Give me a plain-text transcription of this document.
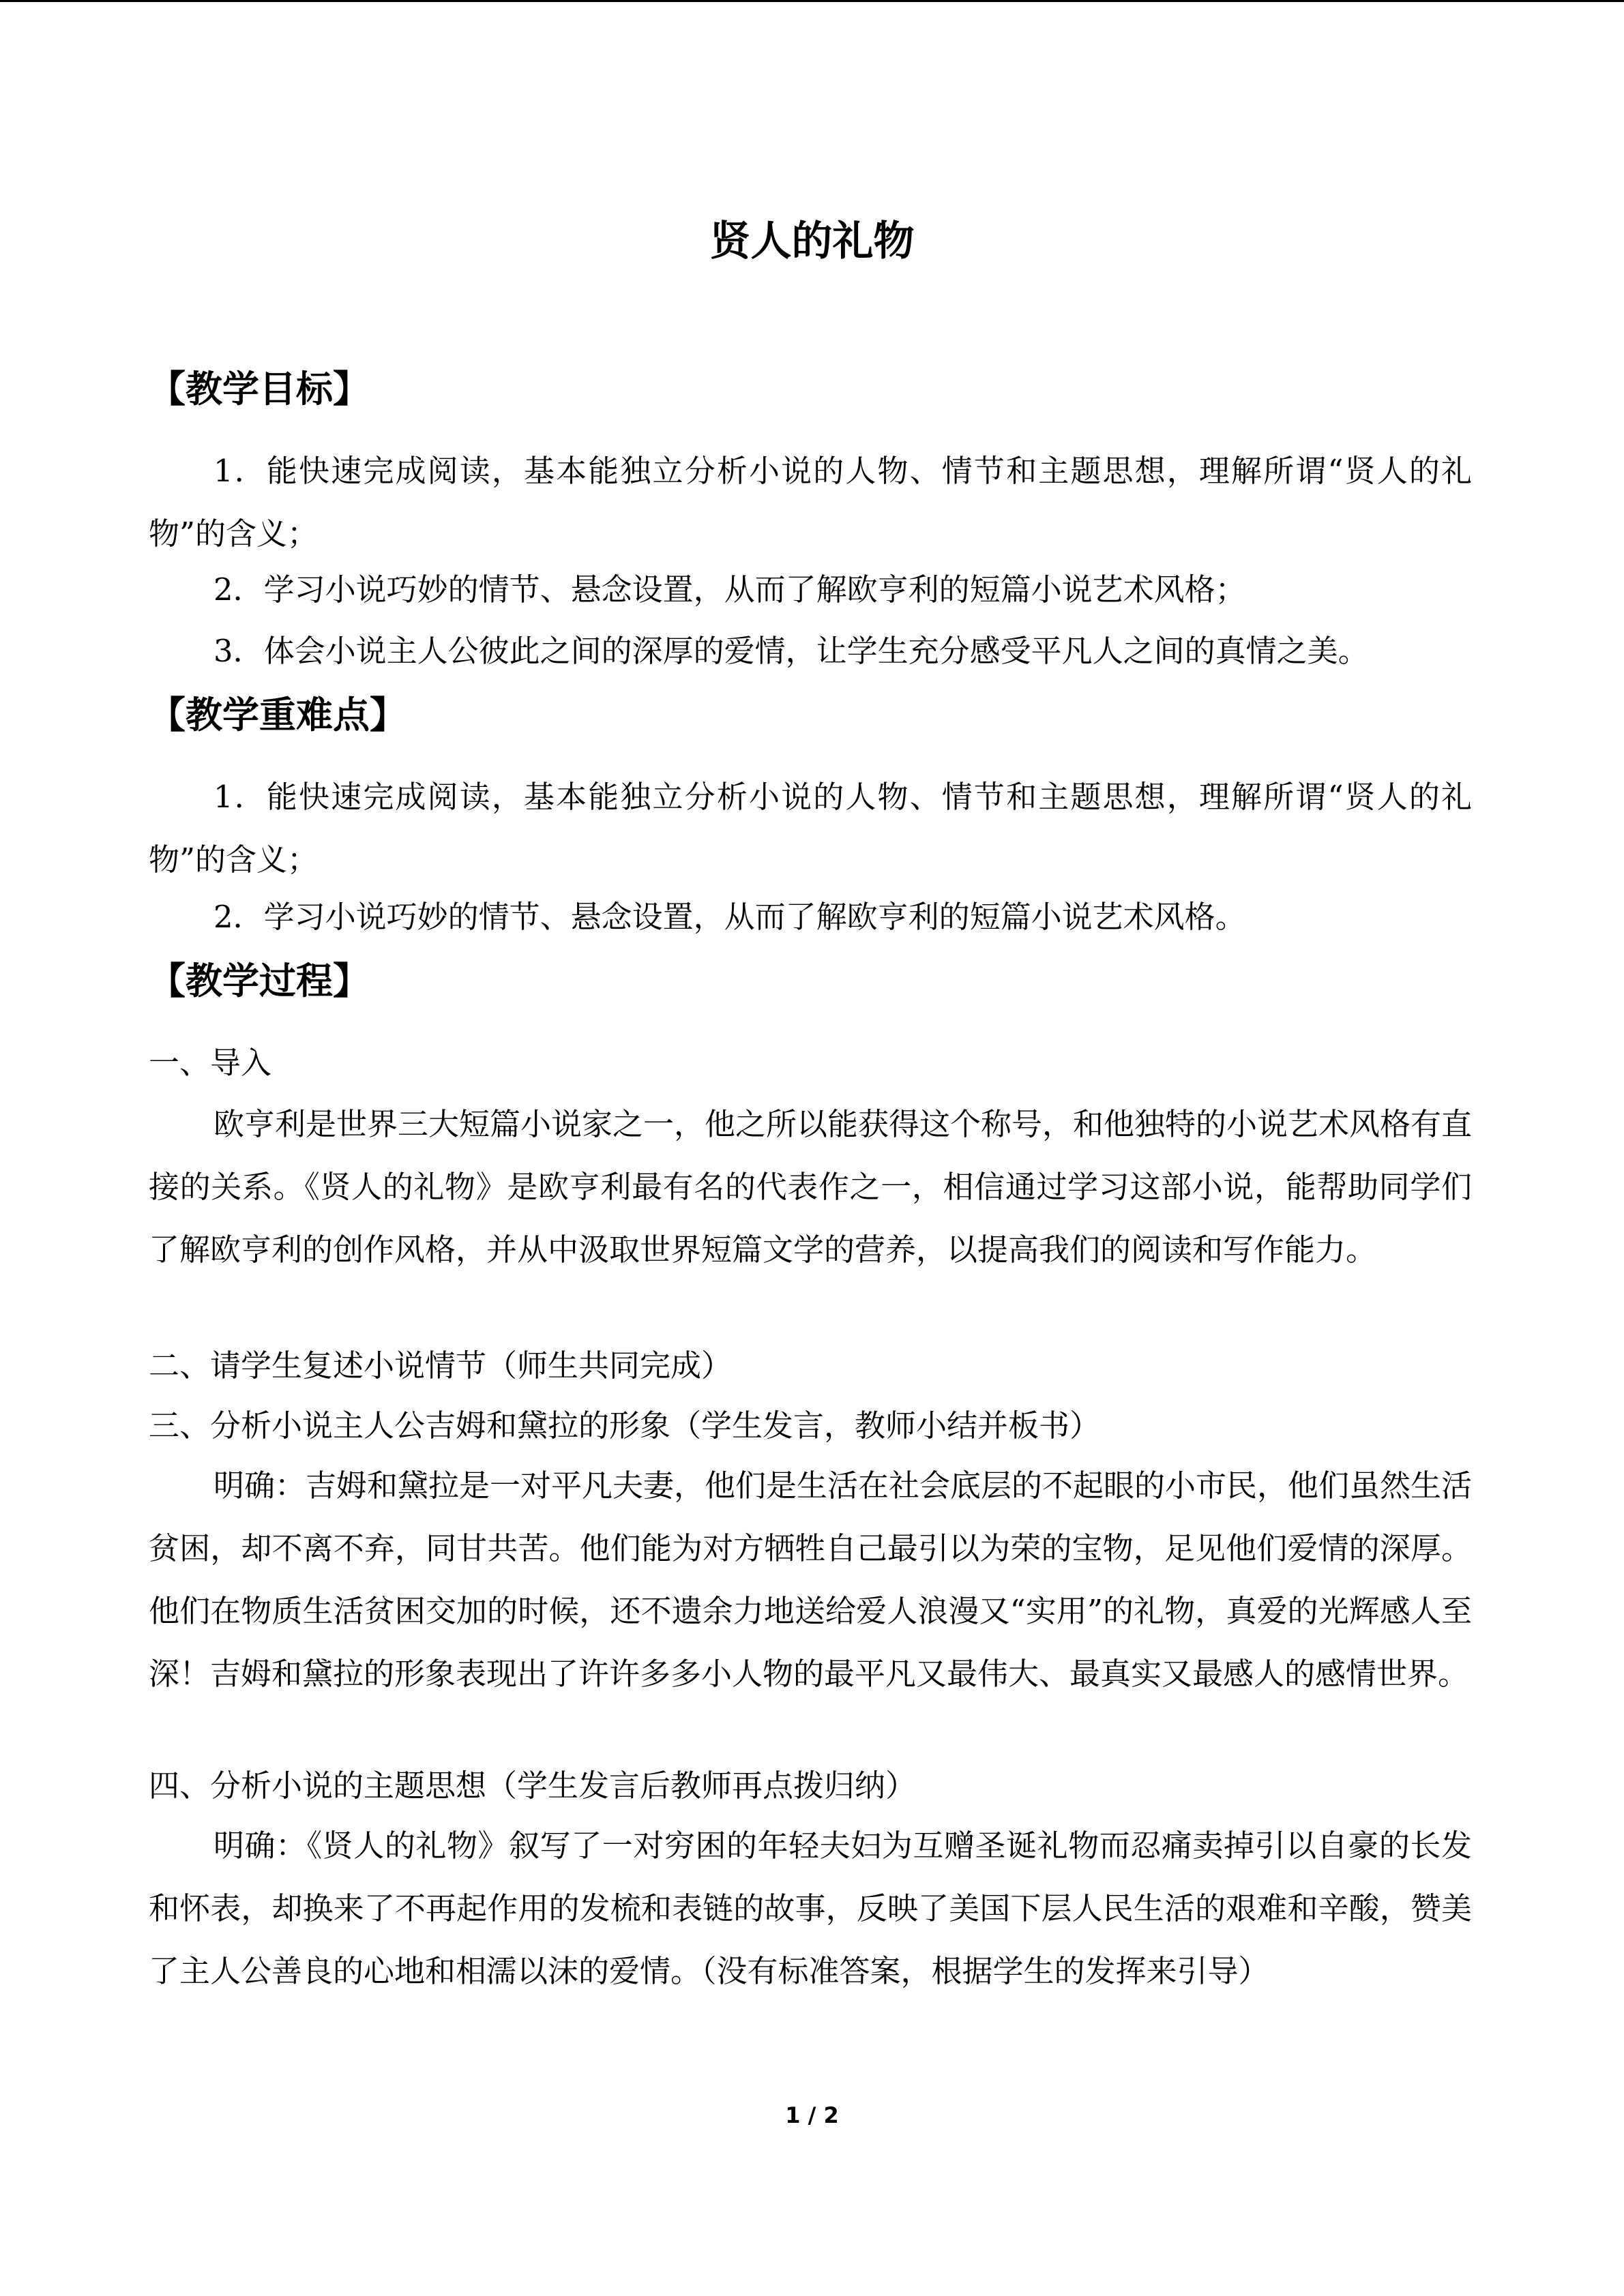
贤人的礼物
【教学目标】
1．能快速完成阅读，基本能独立分析小说的人物、情节和主题思想，理解所谓“贤人的礼物”的含义；
2．学习小说巧妙的情节、悬念设置，从而了解欧亨利的短篇小说艺术风格；
3．体会小说主人公彼此之间的深厚的爱情，让学生充分感受平凡人之间的真情之美。
【教学重难点】
1．能快速完成阅读，基本能独立分析小说的人物、情节和主题思想，理解所谓“贤人的礼物”的含义；
2．学习小说巧妙的情节、悬念设置，从而了解欧亨利的短篇小说艺术风格。
【教学过程】
一、导入
欧亨利是世界三大短篇小说家之一，他之所以能获得这个称号，和他独特的小说艺术风格有直接的关系。《贤人的礼物》是欧亨利最有名的代表作之一，相信通过学习这部小说，能帮助同学们了解欧亨利的创作风格，并从中汲取世界短篇文学的营养，以提高我们的阅读和写作能力。
二、请学生复述小说情节（师生共同完成）
三、分析小说主人公吉姆和黛拉的形象（学生发言，教师小结并板书）
明确：吉姆和黛拉是一对平凡夫妻，他们是生活在社会底层的不起眼的小市民，他们虽然生活贫困，却不离不弃，同甘共苦。他们能为对方牺牲自己最引以为荣的宝物，足见他们爱情的深厚。他们在物质生活贫困交加的时候，还不遗余力地送给爱人浪漫又“实用”的礼物，真爱的光辉感人至深！吉姆和黛拉的形象表现出了许许多多小人物的最平凡又最伟大、最真实又最感人的感情世界。
四、分析小说的主题思想（学生发言后教师再点拨归纳）
明确：《贤人的礼物》叙写了一对穷困的年轻夫妇为互赠圣诞礼物而忍痛卖掉引以自豪的长发和怀表，却换来了不再起作用的发梳和表链的故事，反映了美国下层人民生活的艰难和辛酸，赞美了主人公善良的心地和相濡以沫的爱情。（没有标准答案，根据学生的发挥来引导）
1 / 2
